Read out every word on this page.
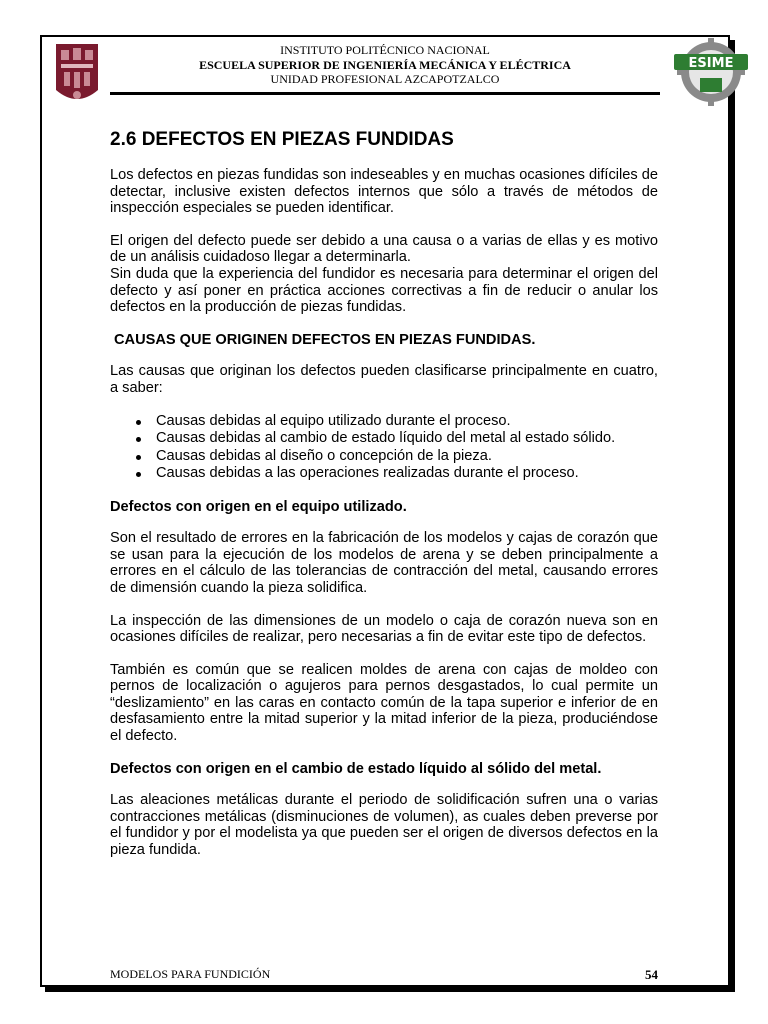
ESIME
INSTITUTO POLITÉCNICO NACIONAL
ESCUELA SUPERIOR DE INGENIERÍA MECÁNICA Y ELÉCTRICA
UNIDAD PROFESIONAL AZCAPOTZALCO
2.6 DEFECTOS EN PIEZAS FUNDIDAS

Los defectos en piezas fundidas son indeseables y en muchas ocasiones difíciles de detectar, inclusive existen defectos internos que sólo a través de métodos de inspección especiales se pueden identificar.

El origen del defecto puede ser debido a una causa o a varias de ellas y es motivo de un análisis cuidadoso llegar a determinarla.

Sin duda que la experiencia del fundidor es necesaria para determinar el origen del defecto y así poner en práctica acciones correctivas a fin de reducir o anular los defectos en la producción de piezas fundidas.

CAUSAS QUE ORIGINEN DEFECTOS EN PIEZAS FUNDIDAS.

Las causas que originan los defectos pueden clasificarse principalmente en cuatro, a saber:

Causas debidas al equipo utilizado durante el proceso.
Causas debidas al cambio de estado líquido del metal al estado sólido.
Causas debidas al diseño o concepción de la pieza.
Causas debidas a las operaciones realizadas durante el proceso.
Defectos con origen en el equipo utilizado.

Son el resultado de errores en la fabricación de los modelos y cajas de corazón que se usan para la ejecución de los modelos de arena y se deben principalmente a errores en el cálculo de las tolerancias de contracción del metal, causando errores de dimensión cuando la pieza solidifica.

La inspección de las dimensiones de un modelo o caja de corazón nueva son en ocasiones difíciles de realizar, pero necesarias a fin de evitar este tipo de defectos.

También es común que se realicen moldes de arena con cajas de moldeo con pernos de localización o agujeros para pernos desgastados, lo cual permite un “deslizamiento” en las caras en contacto común de la tapa superior e inferior de en desfasamiento entre la mitad superior y la mitad inferior de la pieza, produciéndose el defecto.

Defectos con origen en el cambio de estado líquido al sólido del metal.

Las aleaciones metálicas durante el periodo de solidificación sufren una o varias contracciones metálicas (disminuciones de volumen), as cuales deben preverse por el fundidor y por el modelista ya que pueden ser el origen de diversos defectos en la pieza fundida.

MODELOS PARA FUNDICIÓN	54
